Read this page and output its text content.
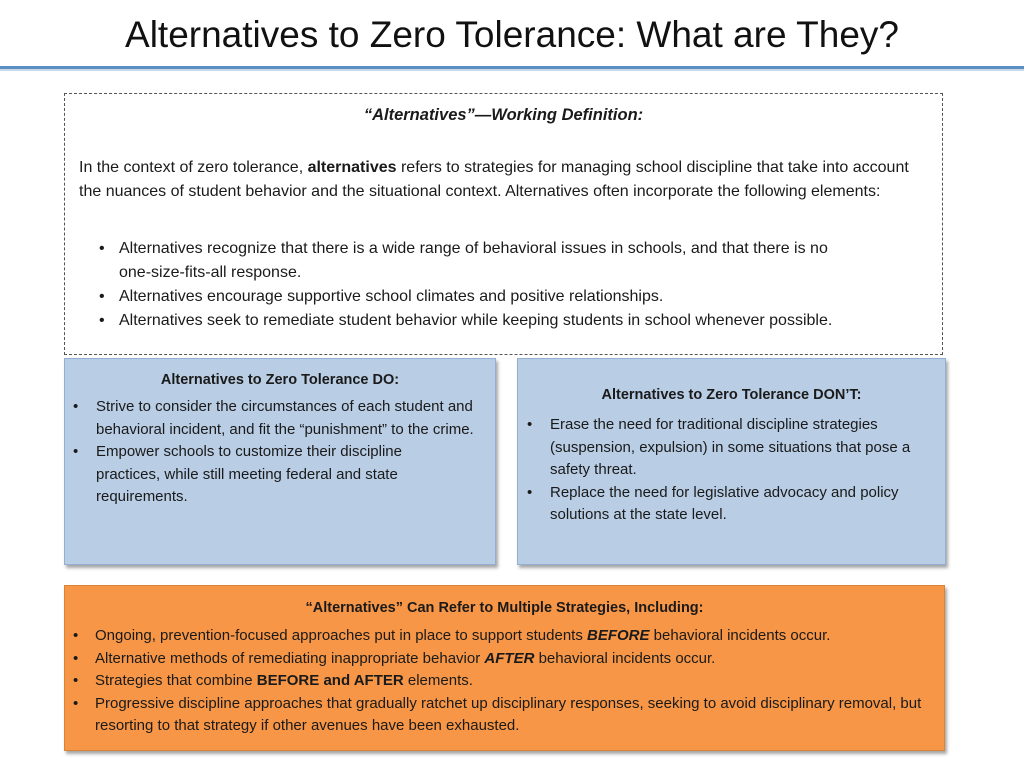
Alternatives to Zero Tolerance: What are They?
“Alternatives”—Working Definition:
In the context of zero tolerance, alternatives refers to strategies for managing school discipline that take into account the nuances of student behavior and the situational context. Alternatives often incorporate the following elements:
• Alternatives recognize that there is a wide range of behavioral issues in schools, and that there is no one-size-fits-all response.
• Alternatives encourage supportive school climates and positive relationships.
• Alternatives seek to remediate student behavior while keeping students in school whenever possible.
Alternatives to Zero Tolerance DO:
• Strive to consider the circumstances of each student and behavioral incident, and fit the “punishment” to the crime.
• Empower schools to customize their discipline practices, while still meeting federal and state requirements.
Alternatives to Zero Tolerance DON’T:
• Erase the need for traditional discipline strategies (suspension, expulsion) in some situations that pose a safety threat.
• Replace the need for legislative advocacy and policy solutions at the state level.
“Alternatives” Can Refer to Multiple Strategies, Including:
• Ongoing, prevention-focused approaches put in place to support students BEFORE behavioral incidents occur.
• Alternative methods of remediating inappropriate behavior AFTER behavioral incidents occur.
• Strategies that combine BEFORE and AFTER elements.
• Progressive discipline approaches that gradually ratchet up disciplinary responses, seeking to avoid disciplinary removal, but resorting to that strategy if other avenues have been exhausted.
